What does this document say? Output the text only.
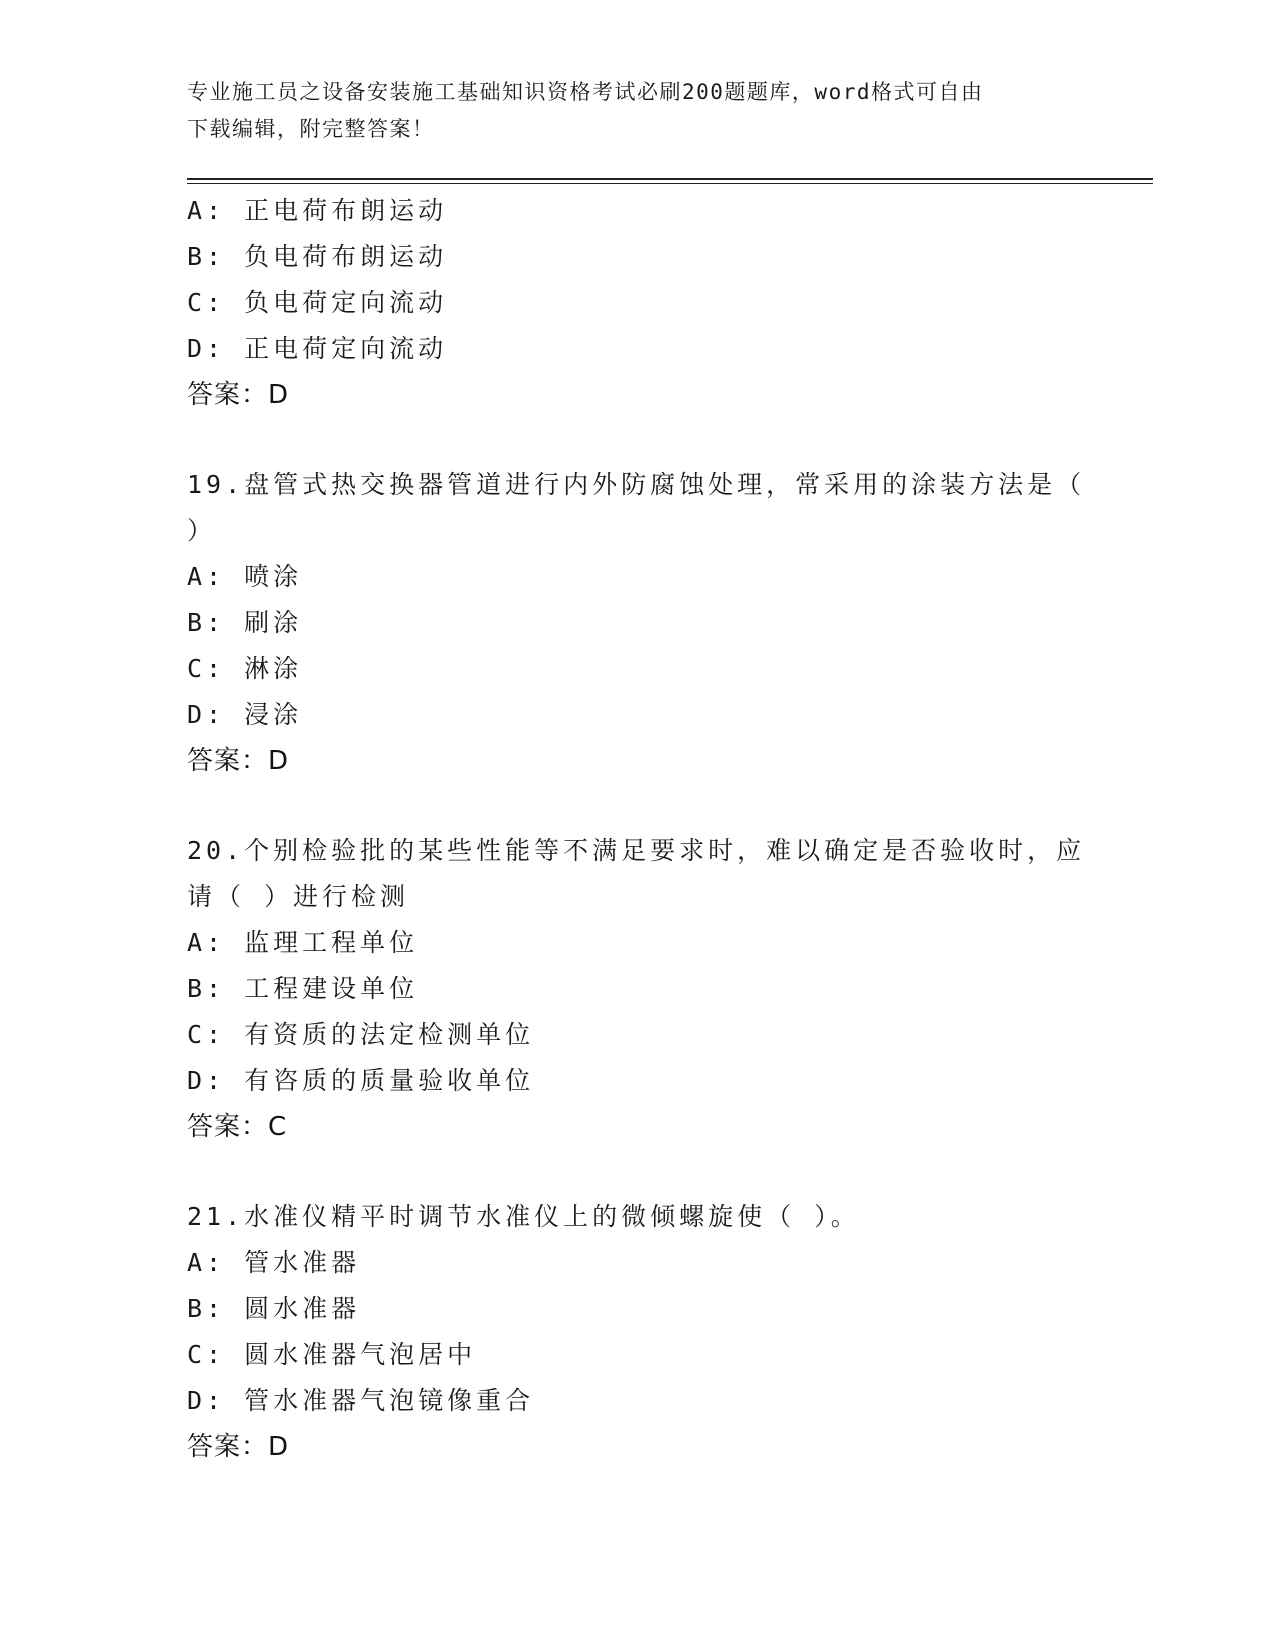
专业施工员之设备安装施工基础知识资格考试必刷200题题库，word格式可自由
下载编辑，附完整答案！
A: 正电荷布朗运动
B: 负电荷布朗运动
C: 负电荷定向流动
D: 正电荷定向流动
答案：D
19.盘管式热交换器管道进行内外防腐蚀处理，常采用的涂装方法是（
）
A: 喷涂
B: 刷涂
C: 淋涂
D: 浸涂
答案：D
20.个别检验批的某些性能等不满足要求时，难以确定是否验收时，应
请（ ）进行检测
A: 监理工程单位
B: 工程建设单位
C: 有资质的法定检测单位
D: 有咨质的质量验收单位
答案：C
21.水准仪精平时调节水准仪上的微倾螺旋使（ ）。
A: 管水准器
B: 圆水准器
C: 圆水准器气泡居中
D: 管水准器气泡镜像重合
答案：D
